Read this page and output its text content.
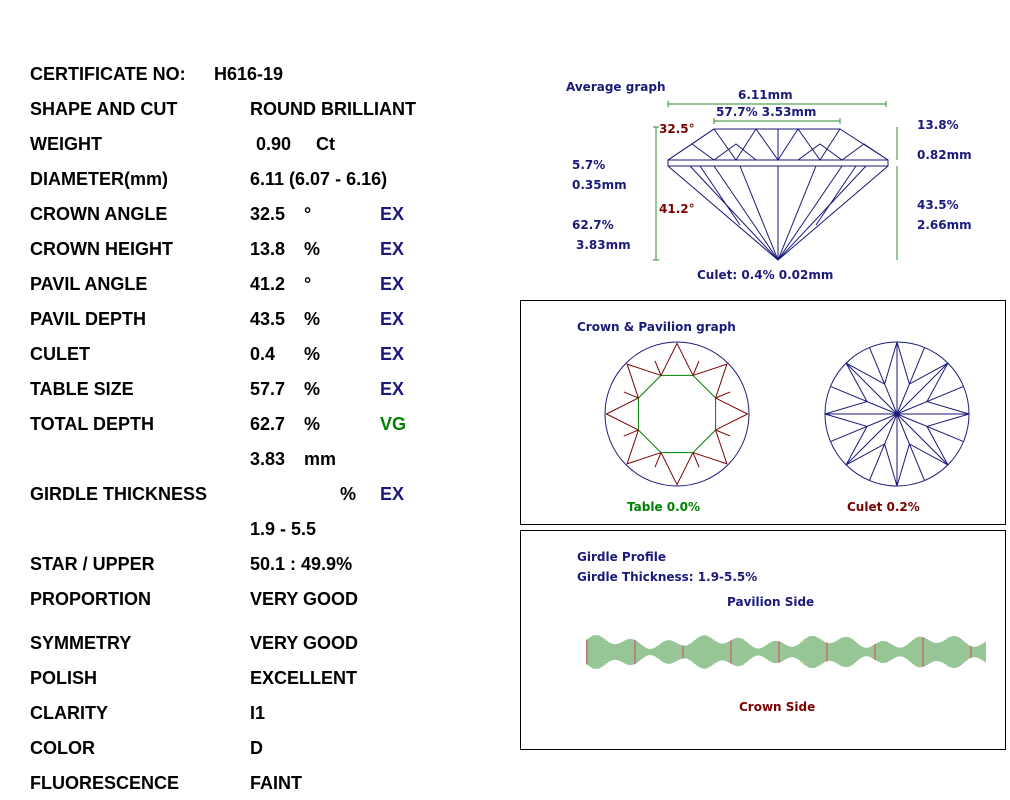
CERTIFICATE NO: H616-19
SHAPE AND CUT	ROUND BRILLIANT
WEIGHT	0.90 Ct
DIAMETER(mm)	6.11 (6.07 - 6.16)
CROWN ANGLE	32.5 °	EX
CROWN HEIGHT	13.8 %	EX
PAVIL ANGLE	41.2 °	EX
PAVIL DEPTH	43.5 %	EX
CULET	0.4 %	EX
TABLE SIZE	57.7 %	EX
TOTAL DEPTH	62.7 %	VG
3.83 mm
GIRDLE THICKNESS	% EX
1.9 - 5.5
STAR / UPPER	50.1 : 49.9%
PROPORTION	VERY GOOD
SYMMETRY	VERY GOOD
POLISH	EXCELLENT
CLARITY	I1
COLOR	D
FLUORESCENCE	FAINT
Average graph
6.11mm
57.7% 3.53mm
32.5°	13.8%
0.82mm
5.7%
0.35mm
41.2°	43.5%
2.66mm
62.7%
3.83mm
Culet: 0.4% 0.02mm
Crown & Pavilion graph
Table 0.0%	Culet 0.2%
Girdle Profile
Girdle Thickness: 1.9-5.5%
Pavilion Side
Crown Side
